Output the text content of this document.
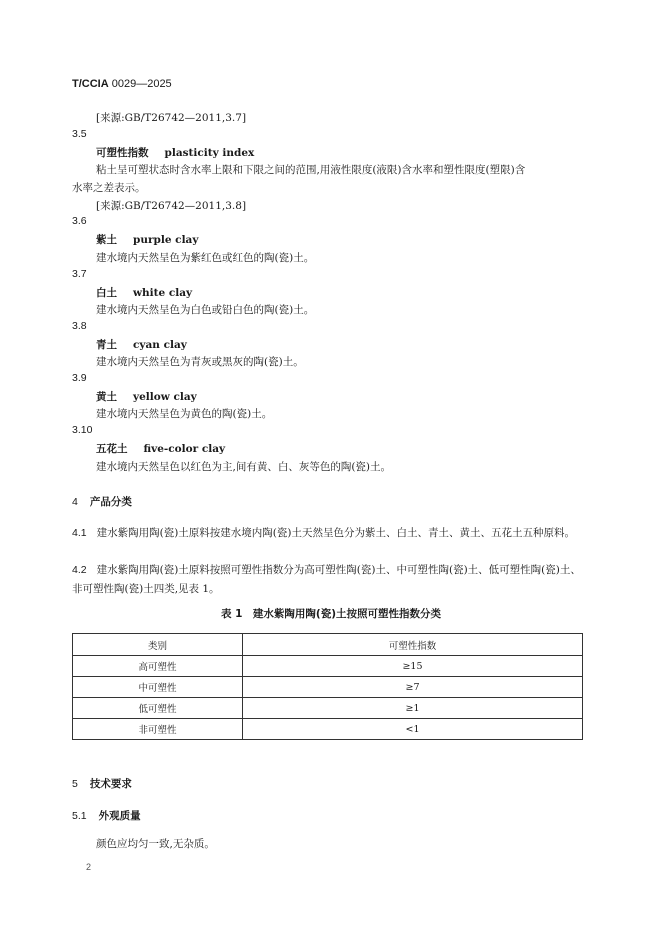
T/CCIA 0029—2025
[来源:GB/T26742—2011,3.7]
3.5
可塑性指数 plasticity index
粘土呈可塑状态时含水率上限和下限之间的范围,用液性限度(液限)含水率和塑性限度(塑限)含
水率之差表示。
[来源:GB/T26742—2011,3.8]
3.6
紫土 purple clay
建水境内天然呈色为紫红色或红色的陶(瓷)土。
3.7
白土 white clay
建水境内天然呈色为白色或铅白色的陶(瓷)土。
3.8
青土 cyan clay
建水境内天然呈色为青灰或黑灰的陶(瓷)土。
3.9
黄土 yellow clay
建水境内天然呈色为黄色的陶(瓷)土。
3.10
五花土 five-color clay
建水境内天然呈色以红色为主,间有黄、白、灰等色的陶(瓷)土。
4 产品分类
4.1 建水紫陶用陶(瓷)土原料按建水境内陶(瓷)土天然呈色分为紫土、白土、青土、黄土、五花土五种原料。
4.2 建水紫陶用陶(瓷)土原料按照可塑性指数分为高可塑性陶(瓷)土、中可塑性陶(瓷)土、低可塑性陶(瓷)土、非可塑性陶(瓷)土四类,见表 1。
表 1　建水紫陶用陶(瓷)土按照可塑性指数分类
类别	可塑性指数
高可塑性	≥15
中可塑性	≥7
低可塑性	≥1
非可塑性	<1
5 技术要求
5.1 外观质量
颜色应均匀一致,无杂质。
2
